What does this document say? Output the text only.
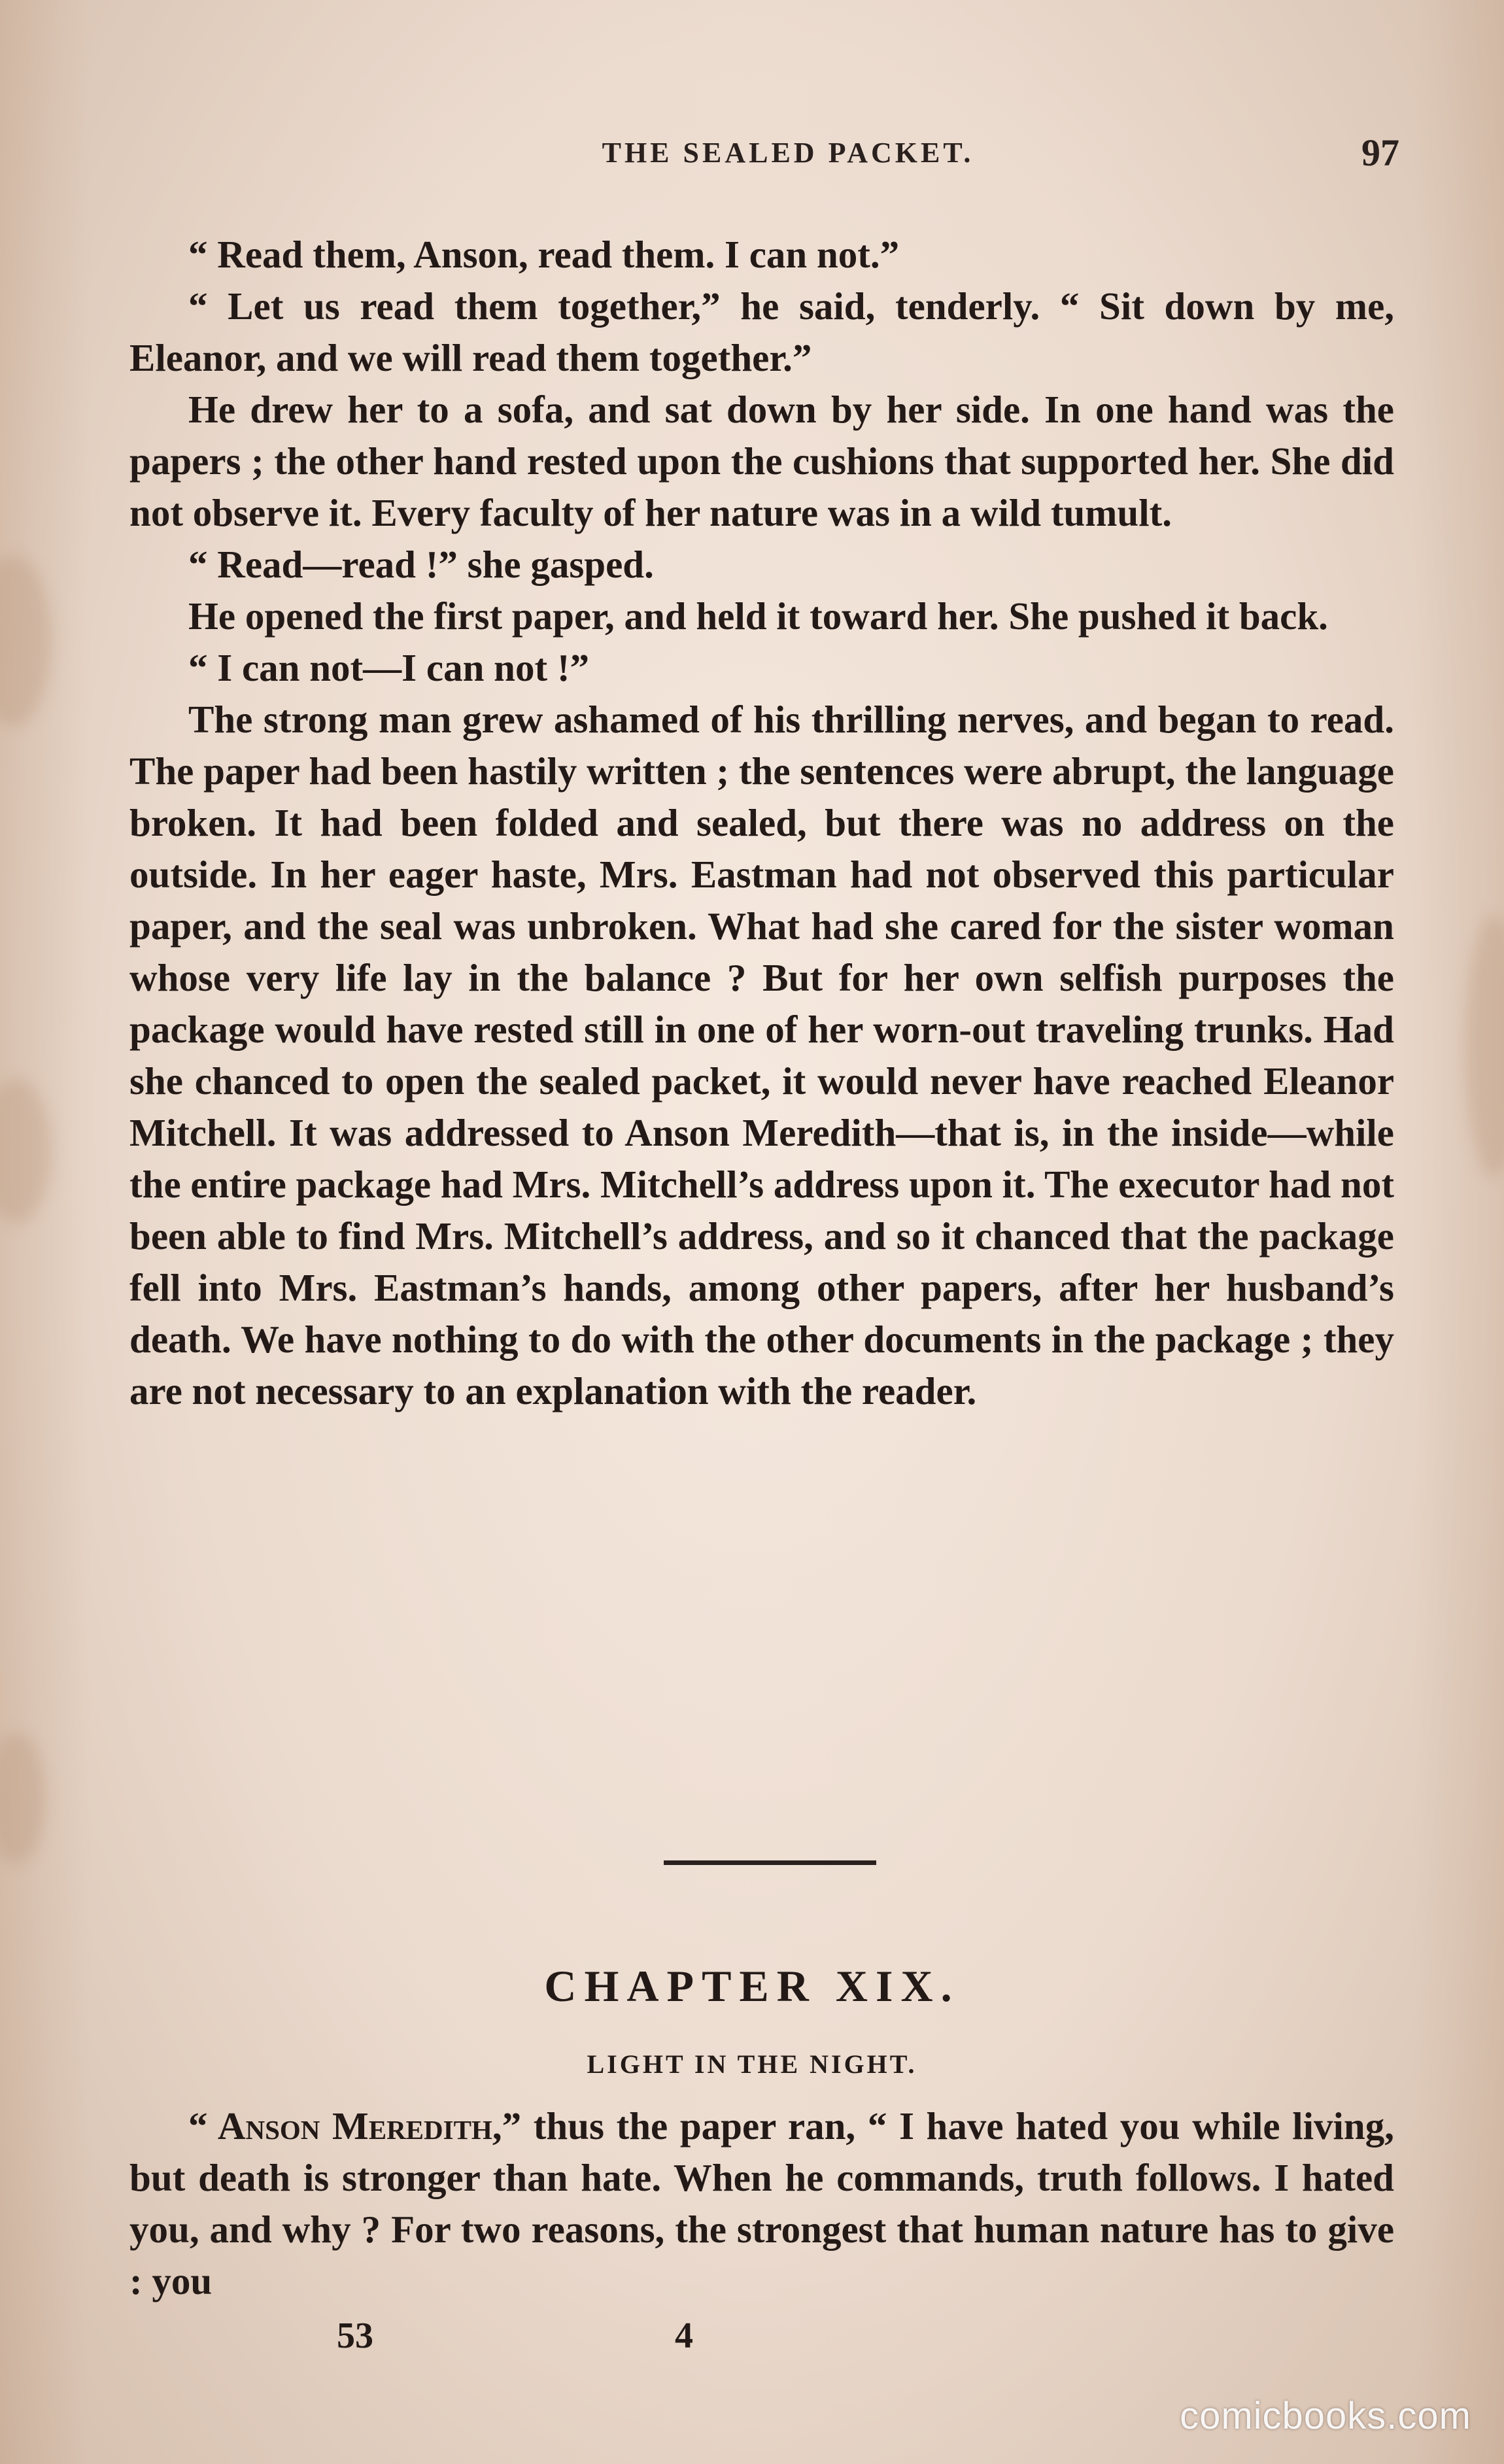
THE SEALED PACKET.	97

“ Read them, Anson, read them. I can not.”

“ Let us read them together,” he said, tenderly. “ Sit down by me, Eleanor, and we will read them together.”

He drew her to a sofa, and sat down by her side. In one hand was the papers ; the other hand rested upon the cushions that supported her. She did not observe it. Every faculty of her nature was in a wild tumult.

“ Read—read !” she gasped.

He opened the first paper, and held it toward her. She pushed it back.

“ I can not—I can not !”

The strong man grew ashamed of his thrilling nerves, and began to read. The paper had been hastily written ; the sentences were abrupt, the language broken. It had been folded and sealed, but there was no address on the outside. In her eager haste, Mrs. Eastman had not observed this particular paper, and the seal was unbroken. What had she cared for the sister woman whose very life lay in the balance ? But for her own selfish purposes the package would have rested still in one of her worn-out traveling trunks. Had she chanced to open the sealed packet, it would never have reached Eleanor Mitchell. It was addressed to Anson Meredith—that is, in the inside—while the entire package had Mrs. Mitchell’s address upon it. The executor had not been able to find Mrs. Mitchell’s address, and so it chanced that the package fell into Mrs. Eastman’s hands, among other papers, after her husband’s death. We have nothing to do with the other documents in the package ; they are not necessary to an explanation with the reader.

CHAPTER XIX.
LIGHT IN THE NIGHT.

“ Anson Meredith,” thus the paper ran, “ I have hated you while living, but death is stronger than hate. When he commands, truth follows. I hated you, and why ? For two reasons, the strongest that human nature has to give : you

53	4
comicbooks.com
